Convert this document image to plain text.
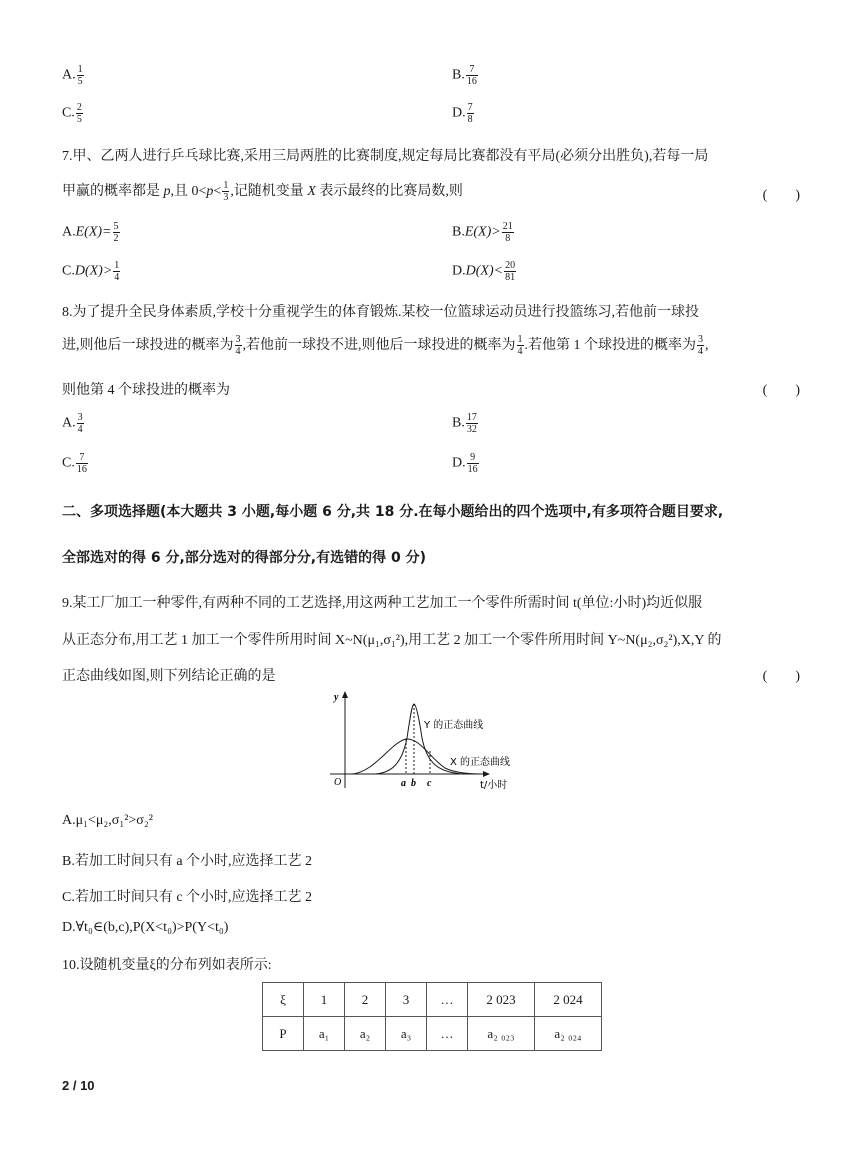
A. $\frac{1}{5}$	B. $\frac{7}{16}$
C. $\frac{2}{5}$	D. $\frac{7}{8}$
7.甲、乙两人进行乒乓球比赛,采用三局两胜的比赛制度,规定每局比赛都没有平局(必须分出胜负),若每一局
甲赢的概率都是 p,且 $0<p< \frac{1}{3}$ ,记随机变量 X 表示最终的比赛局数,则	(　　)
$A.E(X)= \frac{5}{2}$	$B.E(X)> \frac{21}{8}$
$C.D(X)> \frac{1}{4}$	$D.D(X)< \frac{20}{81}$
8.为了提升全民身体素质,学校十分重视学生的体育锻炼.某校一位篮球运动员进行投篮练习,若他前一球投
进,则他后一球投进的概率为 $\frac{3}{4}$ ,若他前一球投不进,则他后一球投进的概率为 $\frac{1}{4}$ .若他第 1 个球投进的概率为 $\frac{3}{4}$ ,
则他第 4 个球投进的概率为	(　　)
A. $\frac{3}{4}$	B. $\frac{17}{32}$
C. $\frac{7}{16}$	D. $\frac{9}{16}$
二、多项选择题(本大题共 3 小题,每小题 6 分,共 18 分.在每小题给出的四个选项中,有多项符合题目要求,
全部选对的得 6 分,部分选对的得部分分,有选错的得 0 分)
9.某工厂加工一种零件,有两种不同的工艺选择,用这两种工艺加工一个零件所需时间 t(单位:小时)均近似服
从正态分布,用工艺 1 加工一个零件所用时间 X~N(μ₁,σ₁²),用工艺 2 加工一个零件所用时间 Y~N(μ₂,σ₂²),X,Y 的
正态曲线如图,则下列结论正确的是	(　　)
y
O
Y 的正态曲线
X 的正态曲线
a b c	t/小时
A.μ₁<μ₂,σ₁²>σ₂²
B.若加工时间只有 a 个小时,应选择工艺 2
C.若加工时间只有 c 个小时,应选择工艺 2
D.∀t₀∈(b,c),P(X<t₀)>P(Y<t₀)
10.设随机变量ξ的分布列如表所示:
ξ	1	2	3	…	2 023	2 024
P	a₁	a₂	a₃	…	a₂ ₀₂₃	a₂ ₀₂₄
2 / 10
